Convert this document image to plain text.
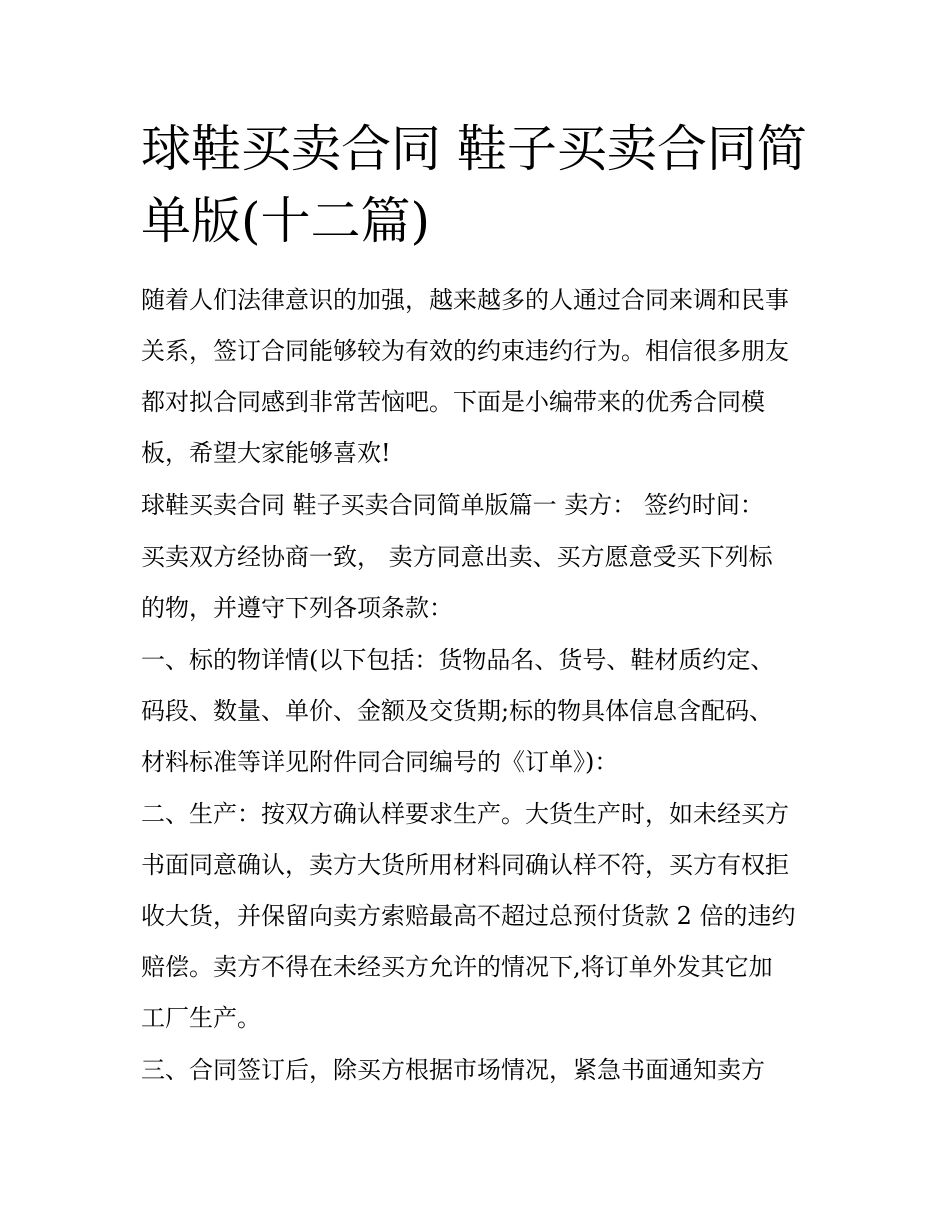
球鞋买卖合同 鞋子买卖合同简
单版(十二篇)

随着人们法律意识的加强，越来越多的人通过合同来调和民事
关系，签订合同能够较为有效的约束违约行为。相信很多朋友
都对拟合同感到非常苦恼吧。下面是小编带来的优秀合同模
板，希望大家能够喜欢!

球鞋买卖合同 鞋子买卖合同简单版篇一 卖方： 签约时间：

买卖双方经协商一致， 卖方同意出卖、买方愿意受买下列标
的物，并遵守下列各项条款：

一、标的物详情(以下包括：货物品名、货号、鞋材质约定、
码段、数量、单价、金额及交货期;标的物具体信息含配码、
材料标准等详见附件同合同编号的《订单》)：

二、生产：按双方确认样要求生产。大货生产时，如未经买方
书面同意确认，卖方大货所用材料同确认样不符，买方有权拒
收大货，并保留向卖方索赔最高不超过总预付货款 2 倍的违约
赔偿。卖方不得在未经买方允许的情况下,将订单外发其它加
工厂生产。

三、合同签订后，除买方根据市场情况，紧急书面通知卖方
